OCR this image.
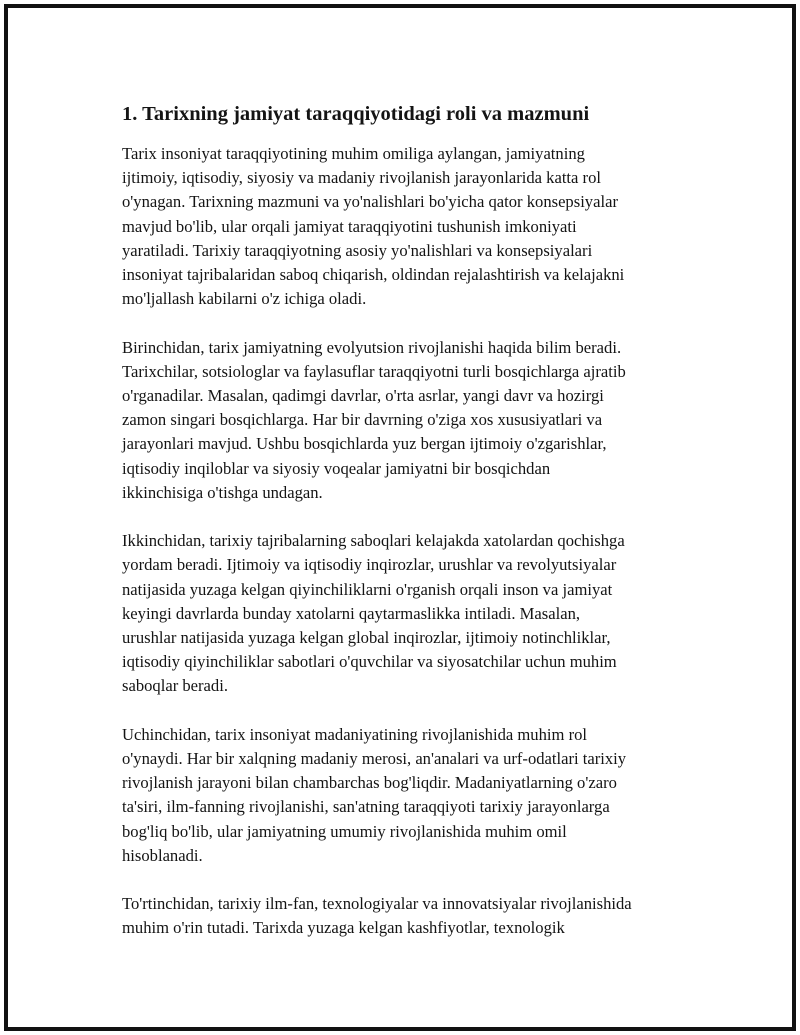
1. Tarixning jamiyat taraqqiyotidagi roli va mazmuni

Tarix insoniyat taraqqiyotining muhim omiliga aylangan, jamiyatning
ijtimoiy, iqtisodiy, siyosiy va madaniy rivojlanish jarayonlarida katta rol
o'ynagan. Tarixning mazmuni va yo'nalishlari bo'yicha qator konsepsiyalar
mavjud bo'lib, ular orqali jamiyat taraqqiyotini tushunish imkoniyati
yaratiladi. Tarixiy taraqqiyotning asosiy yo'nalishlari va konsepsiyalari
insoniyat tajribalaridan saboq chiqarish, oldindan rejalashtirish va kelajakni
mo'ljallash kabilarni o'z ichiga oladi.

Birinchidan, tarix jamiyatning evolyutsion rivojlanishi haqida bilim beradi.
Tarixchilar, sotsiologlar va faylasuflar taraqqiyotni turli bosqichlarga ajratib
o'rganadilar. Masalan, qadimgi davrlar, o'rta asrlar, yangi davr va hozirgi
zamon singari bosqichlarga. Har bir davrning o'ziga xos xususiyatlari va
jarayonlari mavjud. Ushbu bosqichlarda yuz bergan ijtimoiy o'zgarishlar,
iqtisodiy inqiloblar va siyosiy voqealar jamiyatni bir bosqichdan
ikkinchisiga o'tishga undagan.

Ikkinchidan, tarixiy tajribalarning saboqlari kelajakda xatolardan qochishga
yordam beradi. Ijtimoiy va iqtisodiy inqirozlar, urushlar va revolyutsiyalar
natijasida yuzaga kelgan qiyinchiliklarni o'rganish orqali inson va jamiyat
keyingi davrlarda bunday xatolarni qaytarmaslikka intiladi. Masalan,
urushlar natijasida yuzaga kelgan global inqirozlar, ijtimoiy notinchliklar,
iqtisodiy qiyinchiliklar sabotlari o'quvchilar va siyosatchilar uchun muhim
saboqlar beradi.

Uchinchidan, tarix insoniyat madaniyatining rivojlanishida muhim rol
o'ynaydi. Har bir xalqning madaniy merosi, an'analari va urf-odatlari tarixiy
rivojlanish jarayoni bilan chambarchas bog'liqdir. Madaniyatlarning o'zaro
ta'siri, ilm-fanning rivojlanishi, san'atning taraqqiyoti tarixiy jarayonlarga
bog'liq bo'lib, ular jamiyatning umumiy rivojlanishida muhim omil
hisoblanadi.

To'rtinchidan, tarixiy ilm-fan, texnologiyalar va innovatsiyalar rivojlanishida
muhim o'rin tutadi. Tarixda yuzaga kelgan kashfiyotlar, texnologik
